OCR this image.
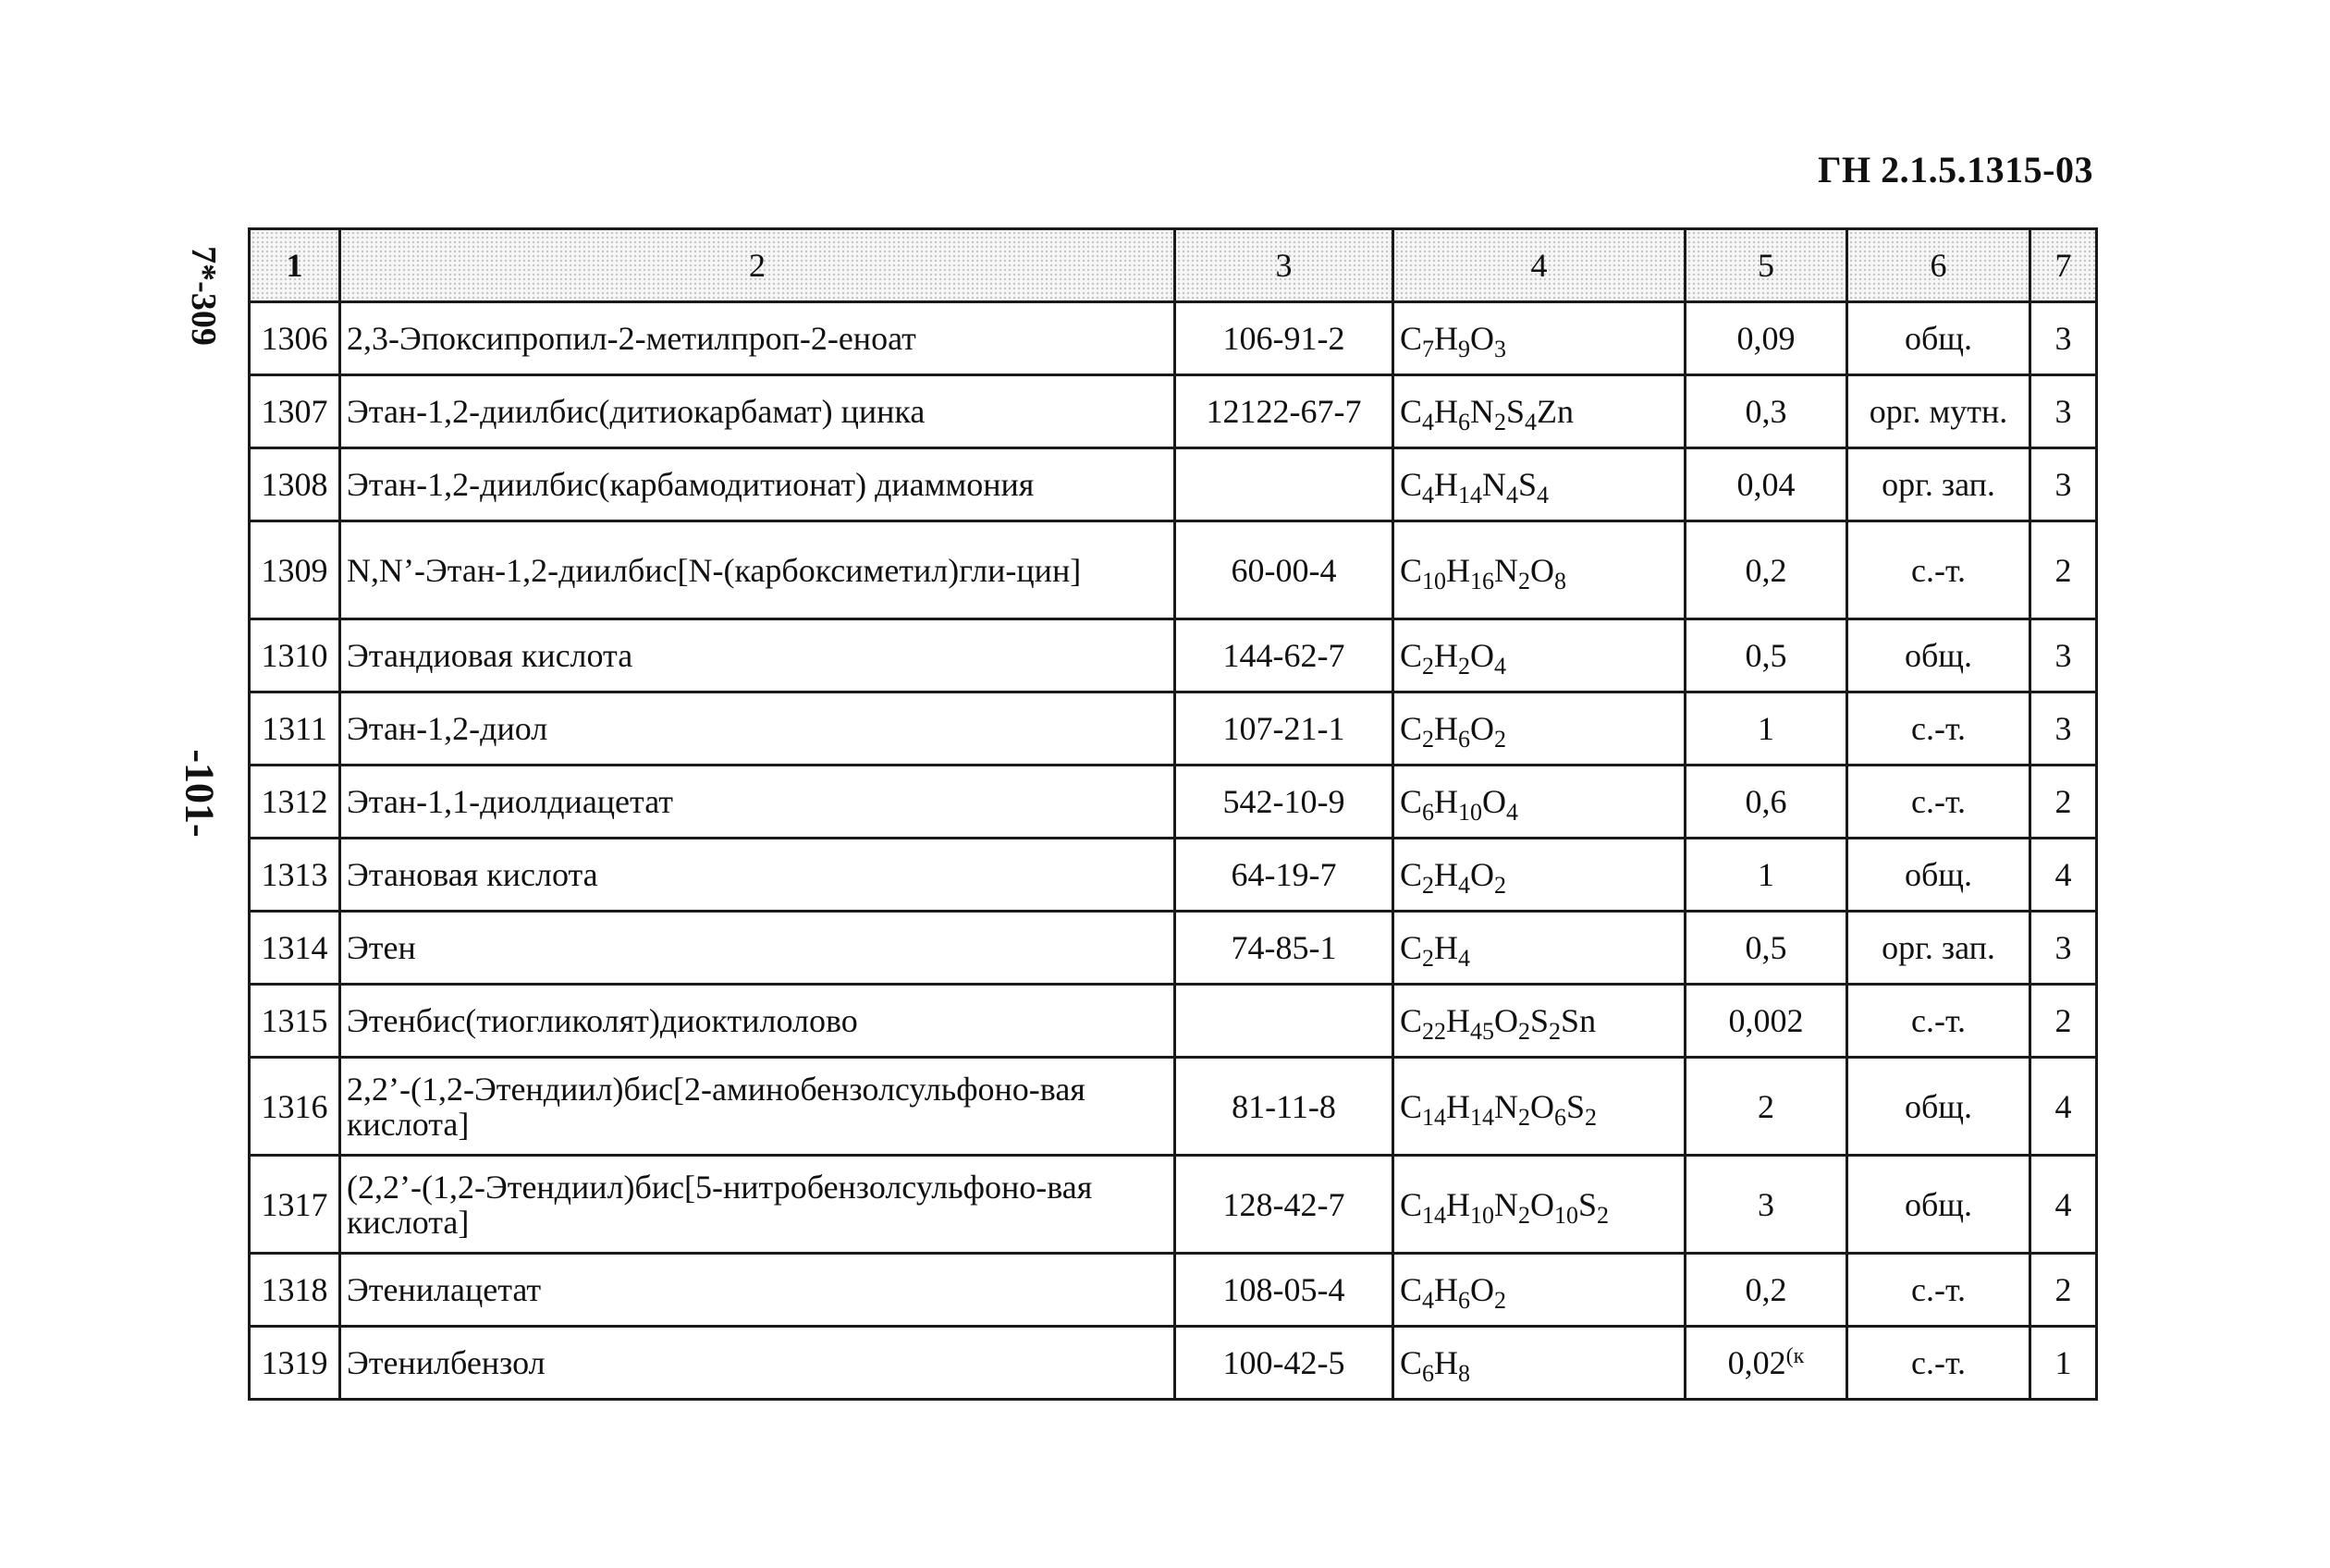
ГН 2.1.5.1315-03
7*-309
-101-
1	2	3	4	5	6	7
1306	2,3-Эпоксипропил-2-метилпроп-2-еноат	106-91-2	$C_7H_9O_3$	0,09	общ.	3
1307	Этан-1,2-диилбис(дитиокарбамат) цинка	12122-67-7	$C_4H_6N_2S_4Zn$	0,3	орг. мутн.	3
1308	Этан-1,2-диилбис(карбамодитионат) диаммония		$C_4H_{14}N_4S_4$	0,04	орг. зап.	3
1309	N,N’-Этан-1,2-диилбис[N-(карбоксиметил)гли-цин]	60-00-4	$C_{10}H_{16}N_2O_8$	0,2	с.-т.	2
1310	Этандиовая кислота	144-62-7	$C_2H_2O_4$	0,5	общ.	3
1311	Этан-1,2-диол	107-21-1	$C_2H_6O_2$	1	с.-т.	3
1312	Этан-1,1-диолдиацетат	542-10-9	$C_6H_{10}O_4$	0,6	с.-т.	2
1313	Этановая кислота	64-19-7	$C_2H_4O_2$	1	общ.	4
1314	Этен	74-85-1	$C_2H_4$	0,5	орг. зап.	3
1315	Этенбис(тиогликолят)диоктилолово		$C_{22}H_{45}O_2S_2Sn$	0,002	с.-т.	2
1316	2,2’-(1,2-Этендиил)бис[2-аминобензолсульфоно-вая кислота]	81-11-8	$C_{14}H_{14}N_2O_6S_2$	2	общ.	4
1317	(2,2’-(1,2-Этендиил)бис[5-нитробензолсульфоно-вая кислота]	128-42-7	$C_{14}H_{10}N_2O_{10}S_2$	3	общ.	4
1318	Этенилацетат	108-05-4	$C_4H_6O_2$	0,2	с.-т.	2
1319	Этенилбензол	100-42-5	$C_6H_8$	$0,02^{(к}$	с.-т.	1
